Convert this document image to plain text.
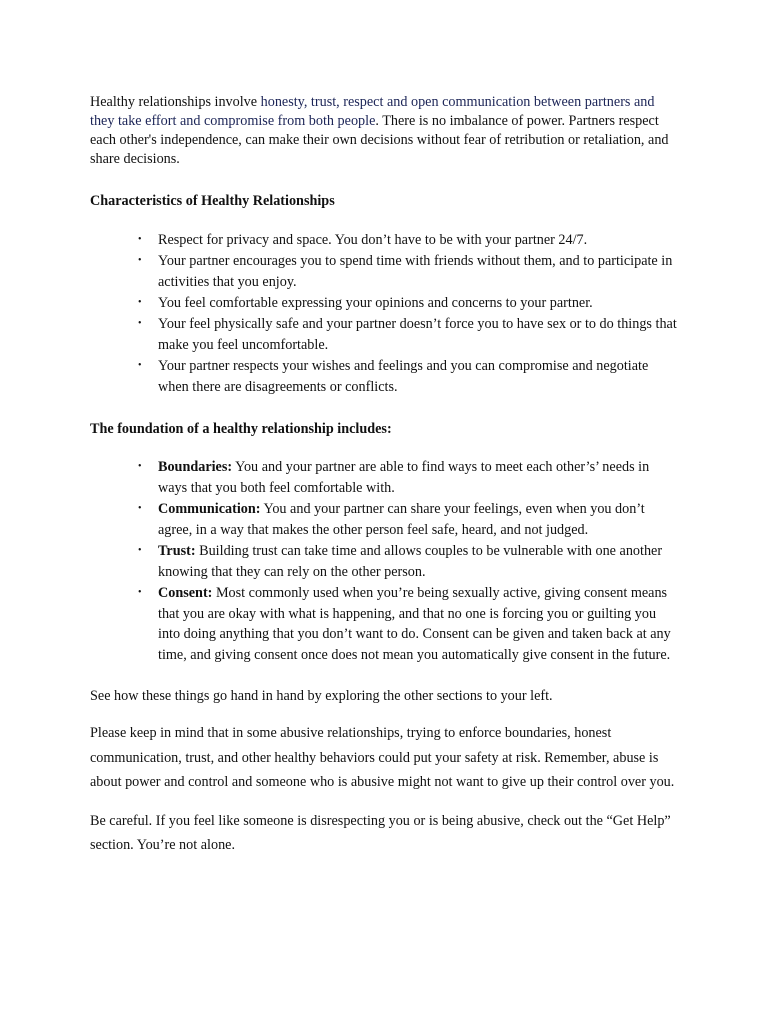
Healthy relationships involve honesty, trust, respect and open communication between partners and they take effort and compromise from both people. There is no imbalance of power. Partners respect each other's independence, can make their own decisions without fear of retribution or retaliation, and share decisions.

Characteristics of Healthy Relationships

• Respect for privacy and space. You don’t have to be with your partner 24/7.
• Your partner encourages you to spend time with friends without them, and to participate in activities that you enjoy.
• You feel comfortable expressing your opinions and concerns to your partner.
• Your feel physically safe and your partner doesn’t force you to have sex or to do things that make you feel uncomfortable.
• Your partner respects your wishes and feelings and you can compromise and negotiate when there are disagreements or conflicts.

The foundation of a healthy relationship includes:

• Boundaries: You and your partner are able to find ways to meet each other’s’ needs in ways that you both feel comfortable with.
• Communication: You and your partner can share your feelings, even when you don’t agree, in a way that makes the other person feel safe, heard, and not judged.
• Trust: Building trust can take time and allows couples to be vulnerable with one another knowing that they can rely on the other person.
• Consent: Most commonly used when you’re being sexually active, giving consent means that you are okay with what is happening, and that no one is forcing you or guilting you into doing anything that you don’t want to do. Consent can be given and taken back at any time, and giving consent once does not mean you automatically give consent in the future.

See how these things go hand in hand by exploring the other sections to your left.

Please keep in mind that in some abusive relationships, trying to enforce boundaries, honest communication, trust, and other healthy behaviors could put your safety at risk. Remember, abuse is about power and control and someone who is abusive might not want to give up their control over you.

Be careful. If you feel like someone is disrespecting you or is being abusive, check out the “Get Help” section. You’re not alone.
